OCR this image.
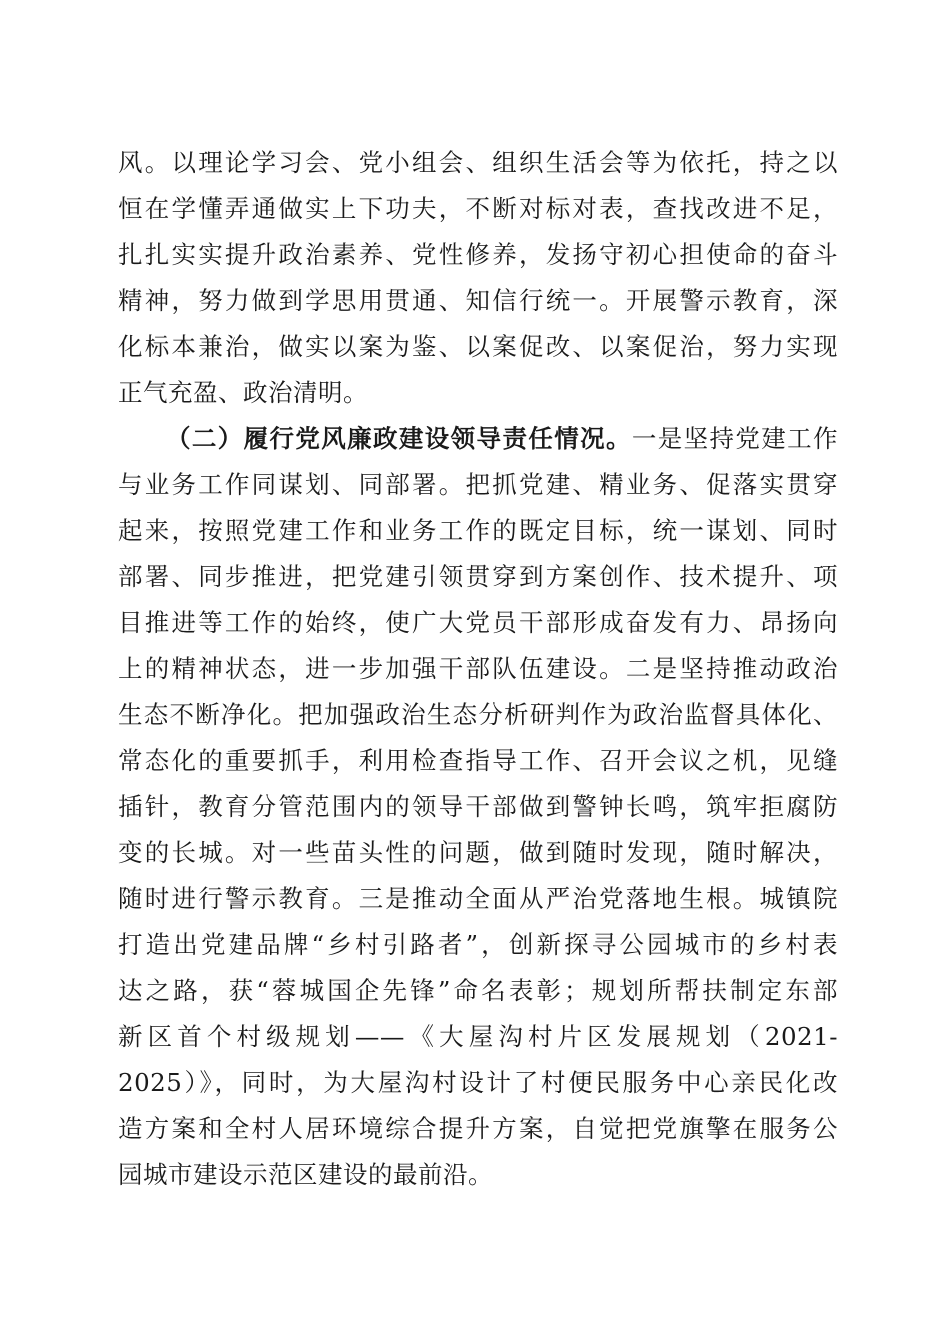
风。以理论学习会、党小组会、组织生活会等为依托，持之以
恒在学懂弄通做实上下功夫，不断对标对表，查找改进不足，
扎扎实实提升政治素养、党性修养，发扬守初心担使命的奋斗
精神，努力做到学思用贯通、知信行统一。开展警示教育，深
化标本兼治，做实以案为鉴、以案促改、以案促治，努力实现
正气充盈、政治清明。
（二）履行党风廉政建设领导责任情况。一是坚持党建工作
与业务工作同谋划、同部署。把抓党建、精业务、促落实贯穿
起来，按照党建工作和业务工作的既定目标，统一谋划、同时
部署、同步推进，把党建引领贯穿到方案创作、技术提升、项
目推进等工作的始终，使广大党员干部形成奋发有力、昂扬向
上的精神状态，进一步加强干部队伍建设。二是坚持推动政治
生态不断净化。把加强政治生态分析研判作为政治监督具体化、
常态化的重要抓手，利用检查指导工作、召开会议之机，见缝
插针，教育分管范围内的领导干部做到警钟长鸣，筑牢拒腐防
变的长城。对一些苗头性的问题，做到随时发现，随时解决，
随时进行警示教育。三是推动全面从严治党落地生根。城镇院
打造出党建品牌“乡村引路者”，创新探寻公园城市的乡村表
达之路，获“蓉城国企先锋”命名表彰；规划所帮扶制定东部
新区首个村级规划——《大屋沟村片区发展规划（2021-
2025）》，同时，为大屋沟村设计了村便民服务中心亲民化改
造方案和全村人居环境综合提升方案，自觉把党旗擎在服务公
园城市建设示范区建设的最前沿。
